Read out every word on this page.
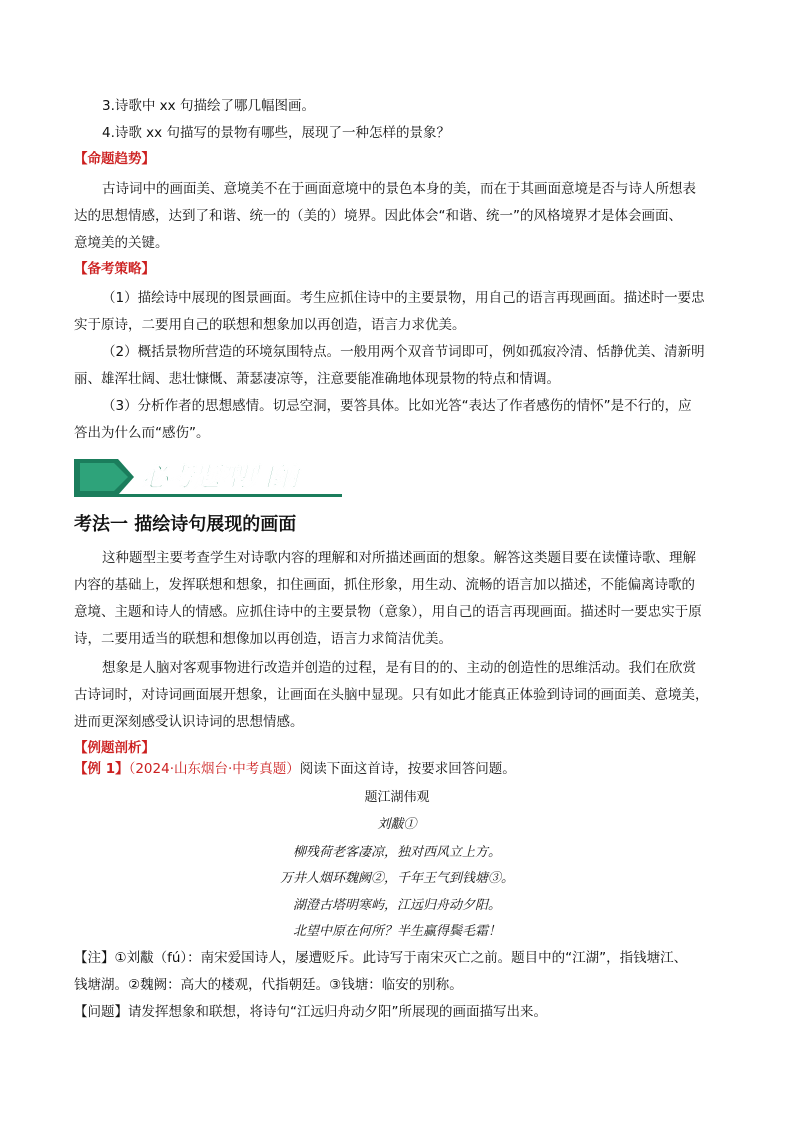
3.诗歌中 xx 句描绘了哪几幅图画。
4.诗歌 xx 句描写的景物有哪些，展现了一种怎样的景象？
【命题趋势】
古诗词中的画面美、意境美不在于画面意境中的景色本身的美，而在于其画面意境是否与诗人所想表
达的思想情感，达到了和谐、统一的（美的）境界。因此体会“和谐、统一”的风格境界才是体会画面、
意境美的关键。
【备考策略】
（1）描绘诗中展现的图景画面。考生应抓住诗中的主要景物，用自己的语言再现画面。描述时一要忠
实于原诗，二要用自己的联想和想象加以再创造，语言力求优美。
（2）概括景物所营造的环境氛围特点。一般用两个双音节词即可，例如孤寂冷清、恬静优美、清新明
丽、雄浑壮阔、悲壮慷慨、萧瑟凄凉等，注意要能准确地体现景物的特点和情调。
（3）分析作者的思想感情。切忌空洞，要答具体。比如光答“表达了作者感伤的情怀”是不行的，应
答出为什么而“感伤”。
必考题型归纳
考法一 描绘诗句展现的画面
这种题型主要考查学生对诗歌内容的理解和对所描述画面的想象。解答这类题目要在读懂诗歌、理解
内容的基础上，发挥联想和想象，扣住画面，抓住形象，用生动、流畅的语言加以描述，不能偏离诗歌的
意境、主题和诗人的情感。应抓住诗中的主要景物（意象），用自己的语言再现画面。描述时一要忠实于原
诗，二要用适当的联想和想像加以再创造，语言力求简洁优美。
想象是人脑对客观事物进行改造并创造的过程，是有目的的、主动的创造性的思维活动。我们在欣赏
古诗词时，对诗词画面展开想象，让画面在头脑中显现。只有如此才能真正体验到诗词的画面美、意境美，
进而更深刻感受认识诗词的思想情感。
【例题剖析】
【例 1】（2024·山东烟台·中考真题）阅读下面这首诗，按要求回答问题。
题江湖伟观
刘黻①
柳残荷老客凄凉，独对西风立上方。
万井人烟环魏阙②，千年王气到钱塘③。
湖澄古塔明寒屿，江远归舟动夕阳。
北望中原在何所？半生赢得鬓毛霜！
【注】①刘黻（fú）：南宋爱国诗人，屡遭贬斥。此诗写于南宋灭亡之前。题目中的“江湖”，指钱塘江、
钱塘湖。②魏阙：高大的楼观，代指朝廷。③钱塘：临安的别称。
【问题】请发挥想象和联想，将诗句“江远归舟动夕阳”所展现的画面描写出来。
